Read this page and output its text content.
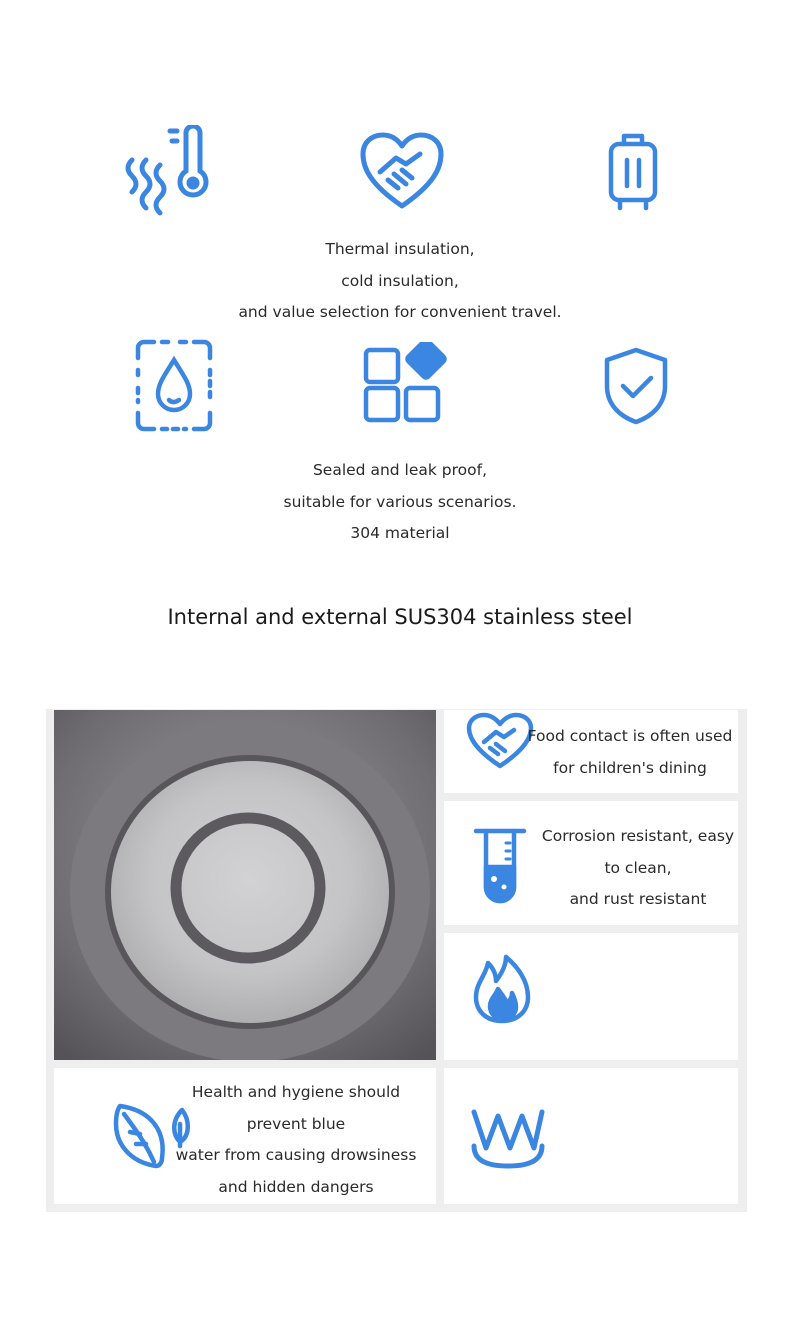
Thermal insulation,
cold insulation,
and value selection for convenient travel.
Sealed and leak proof,
suitable for various scenarios.
304 material
Internal and external SUS304 stainless steel
Food contact is often used
for children's dining
Corrosion resistant, easy
to clean,
and rust resistant
Health and hygiene should
prevent blue
water from causing drowsiness
and hidden dangers
